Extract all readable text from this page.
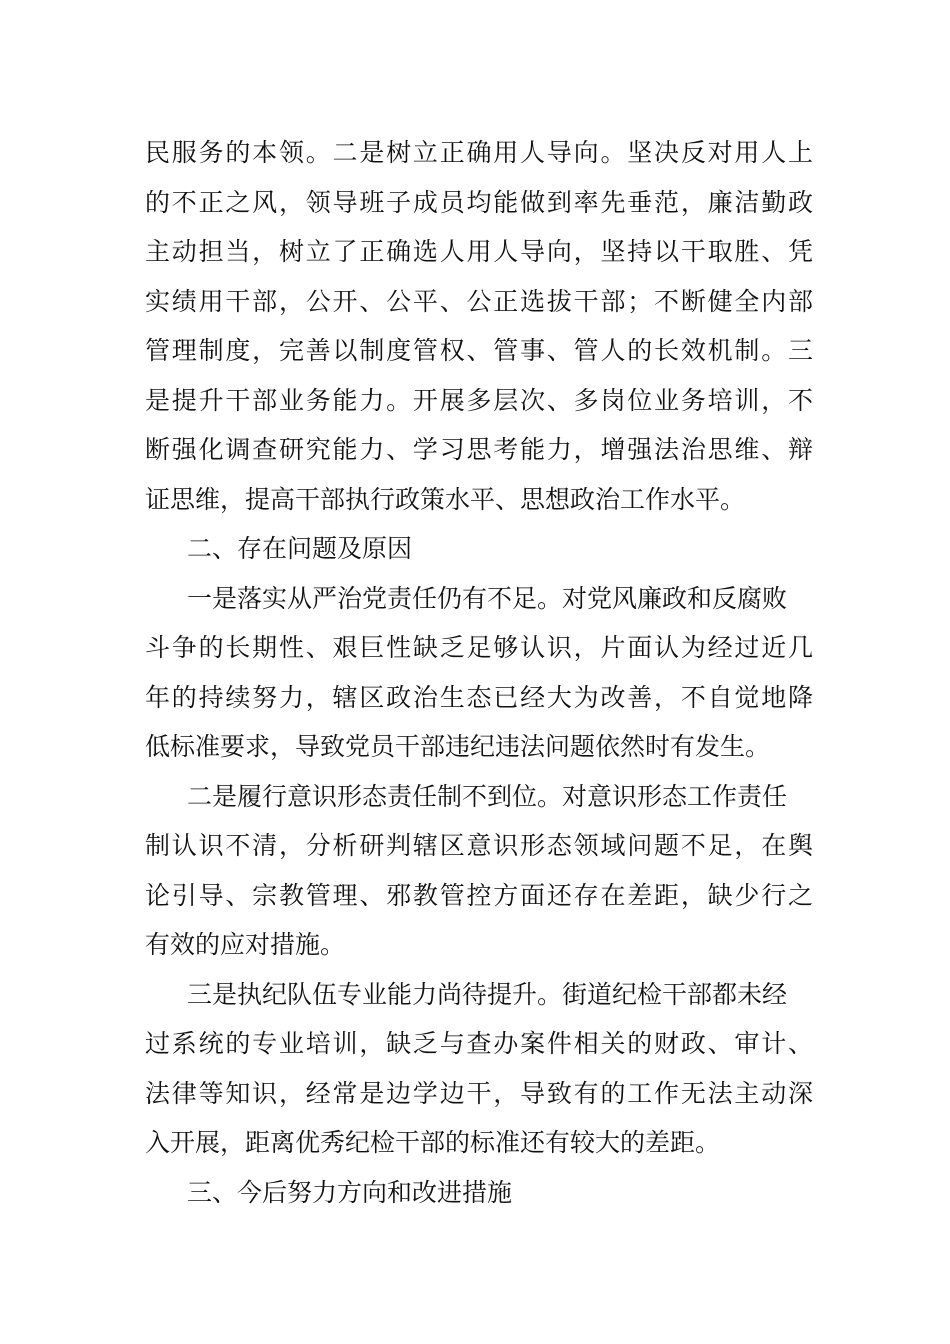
民服务的本领。二是树立正确用人导向。坚决反对用人上
的不正之风，领导班子成员均能做到率先垂范，廉洁勤政
主动担当，树立了正确选人用人导向，坚持以干取胜、凭
实绩用干部，公开、公平、公正选拔干部；不断健全内部
管理制度，完善以制度管权、管事、管人的长效机制。三
是提升干部业务能力。开展多层次、多岗位业务培训，不
断强化调查研究能力、学习思考能力，增强法治思维、辩
证思维，提高干部执行政策水平、思想政治工作水平。
二、存在问题及原因
一是落实从严治党责任仍有不足。对党风廉政和反腐败
斗争的长期性、艰巨性缺乏足够认识，片面认为经过近几
年的持续努力，辖区政治生态已经大为改善，不自觉地降
低标准要求，导致党员干部违纪违法问题依然时有发生。
二是履行意识形态责任制不到位。对意识形态工作责任
制认识不清，分析研判辖区意识形态领域问题不足，在舆
论引导、宗教管理、邪教管控方面还存在差距，缺少行之
有效的应对措施。
三是执纪队伍专业能力尚待提升。街道纪检干部都未经
过系统的专业培训，缺乏与查办案件相关的财政、审计、
法律等知识，经常是边学边干，导致有的工作无法主动深
入开展，距离优秀纪检干部的标准还有较大的差距。
三、今后努力方向和改进措施
